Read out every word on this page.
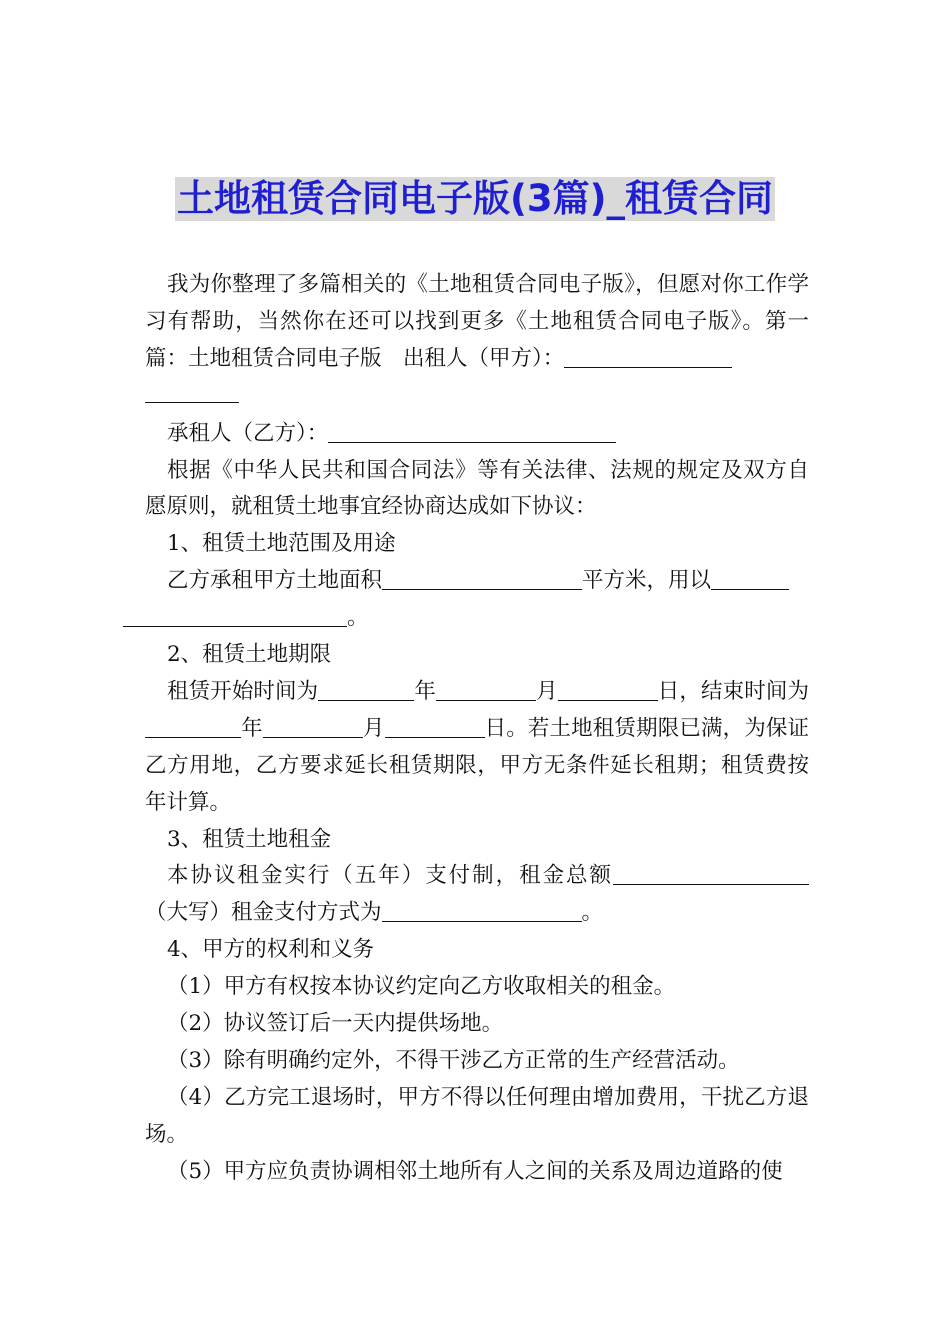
土地租赁合同电子版(3篇)_租赁合同

我为你整理了多篇相关的《土地租赁合同电子版》，但愿对你工作学习有帮助，当然你在还可以找到更多《土地租赁合同电子版》。第一篇：土地租赁合同电子版　出租人（甲方）：

承租人（乙方）：

根据《中华人民共和国合同法》等有关法律、法规的规定及双方自愿原则，就租赁土地事宜经协商达成如下协议：

1、租赁土地范围及用途

乙方承租甲方土地面积	平方米，用以
。

2、租赁土地期限

租赁开始时间为	年	月	日，结束时间为年	月	日。若土地租赁期限已满，为保证乙方用地，乙方要求延长租赁期限，甲方无条件延长租期；租赁费按年计算。

3、租赁土地租金

本协议租金实行（五年）支付制，租金总额（大写）租金支付方式为	。

4、甲方的权利和义务

（1）甲方有权按本协议约定向乙方收取相关的租金。

（2）协议签订后一天内提供场地。

（3）除有明确约定外，不得干涉乙方正常的生产经营活动。

（4）乙方完工退场时，甲方不得以任何理由增加费用，干扰乙方退场。

（5）甲方应负责协调相邻土地所有人之间的关系及周边道路的使
